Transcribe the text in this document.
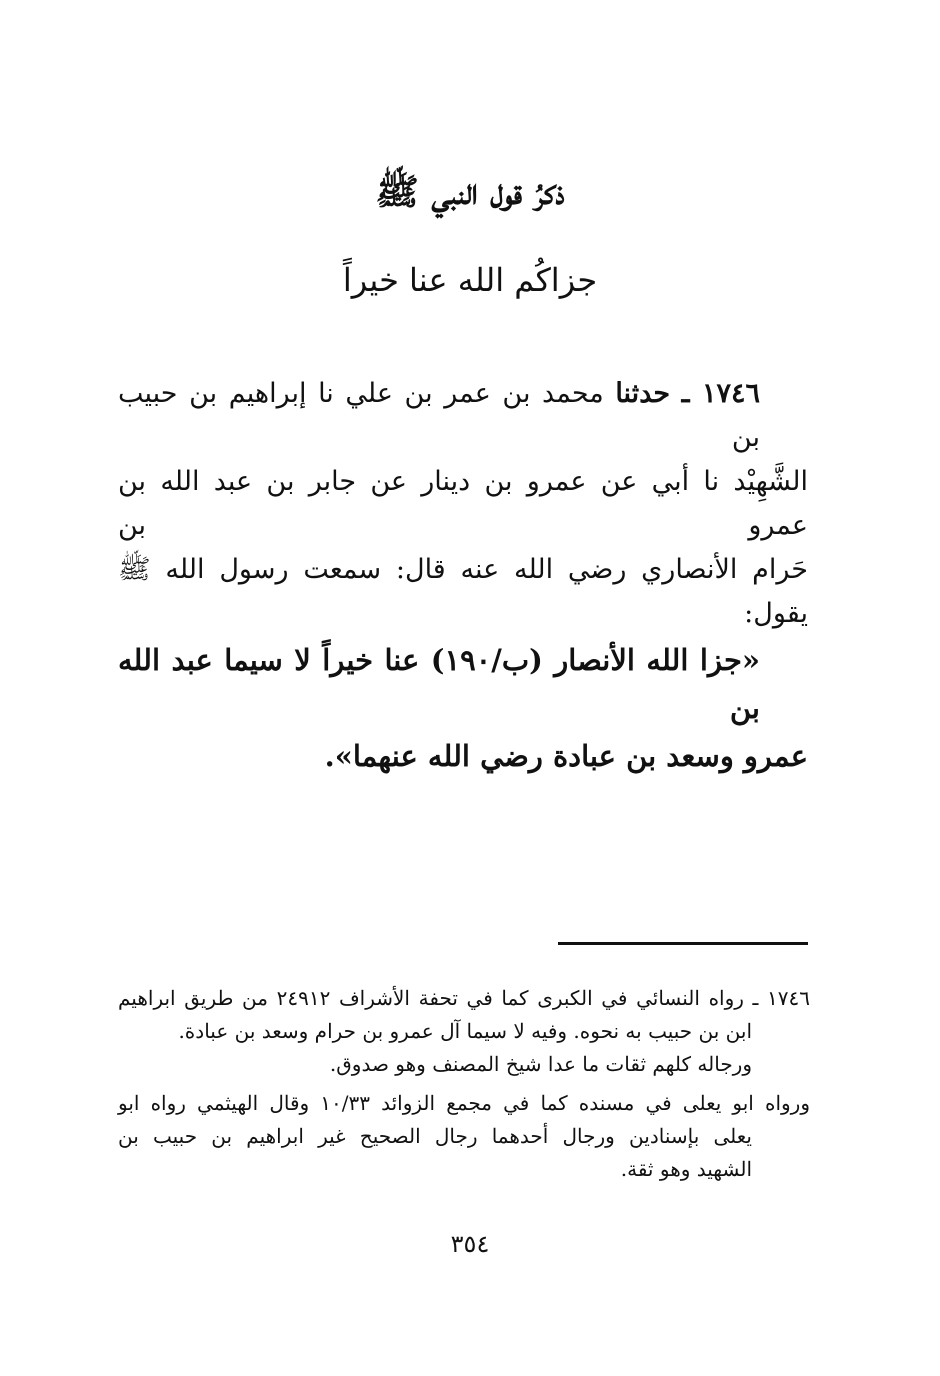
ذكرُ قول النبي ﷺ
جزاكُم الله عنا خيراً
١٧٤٦ ـ حدثنا محمد بن عمر بن علي نا إبراهيم بن حبيب بن
الشَّهِيْد نا أبي عن عمرو بن دينار عن جابر بن عبد الله بن عمرو بن
حَرام الأنصاري رضي الله عنه قال: سمعت رسول الله ﷺ يقول:
«جزا الله الأنصار (ب/١٩٠) عنا خيراً لا سيما عبد الله بن
عمرو وسعد بن عبادة رضي الله عنهما».
١٧٤٦ ـ رواه النسائي في الكبرى كما في تحفة الأشراف ٢٤٩١٢ من طريق ابراهيم
ابن بن حبيب به نحوه. وفيه لا سيما آل عمرو بن حرام وسعد بن عبادة.
ورجاله كلهم ثقات ما عدا شيخ المصنف وهو صدوق.
ورواه ابو يعلى في مسنده كما في مجمع الزوائد ١٠/٣٣ وقال الهيثمي رواه ابو
يعلى بإسنادين ورجال أحدهما رجال الصحيح غير ابراهيم بن حبيب بن
الشهيد وهو ثقة.
٣٥٤
